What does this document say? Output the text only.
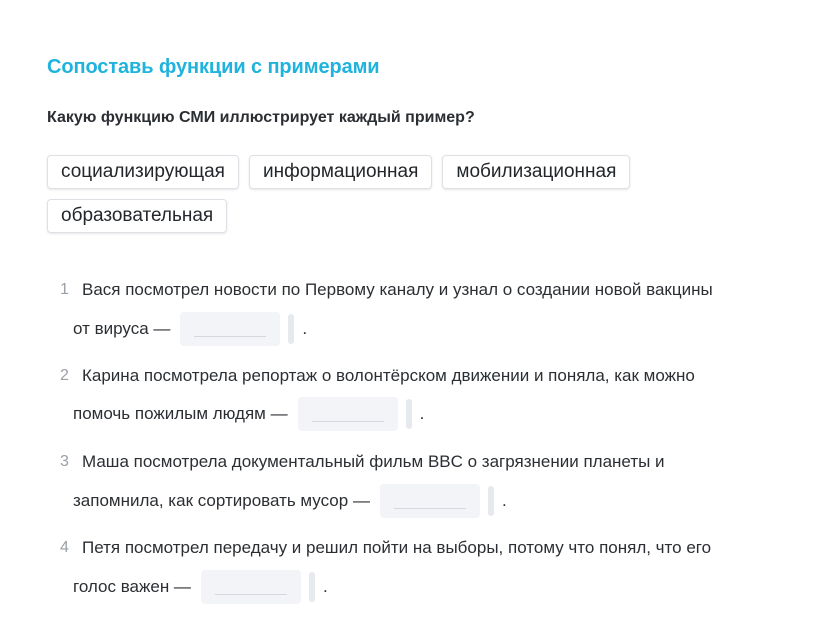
Сопоставь функции с примерами
Какую функцию СМИ иллюстрирует каждый пример?
социализирующая	информационная	мобилизационная
образовательная
1 Вася посмотрел новости по Первому каналу и узнал о создании новой вакцины
от вируса —	.
2 Карина посмотрела репортаж о волонтёрском движении и поняла, как можно
помочь пожилым людям —	.
3 Маша посмотрела документальный фильм BBC о загрязнении планеты и
запомнила, как сортировать мусор —	.
4 Петя посмотрел передачу и решил пойти на выборы, потому что понял, что его
голос важен —	.
